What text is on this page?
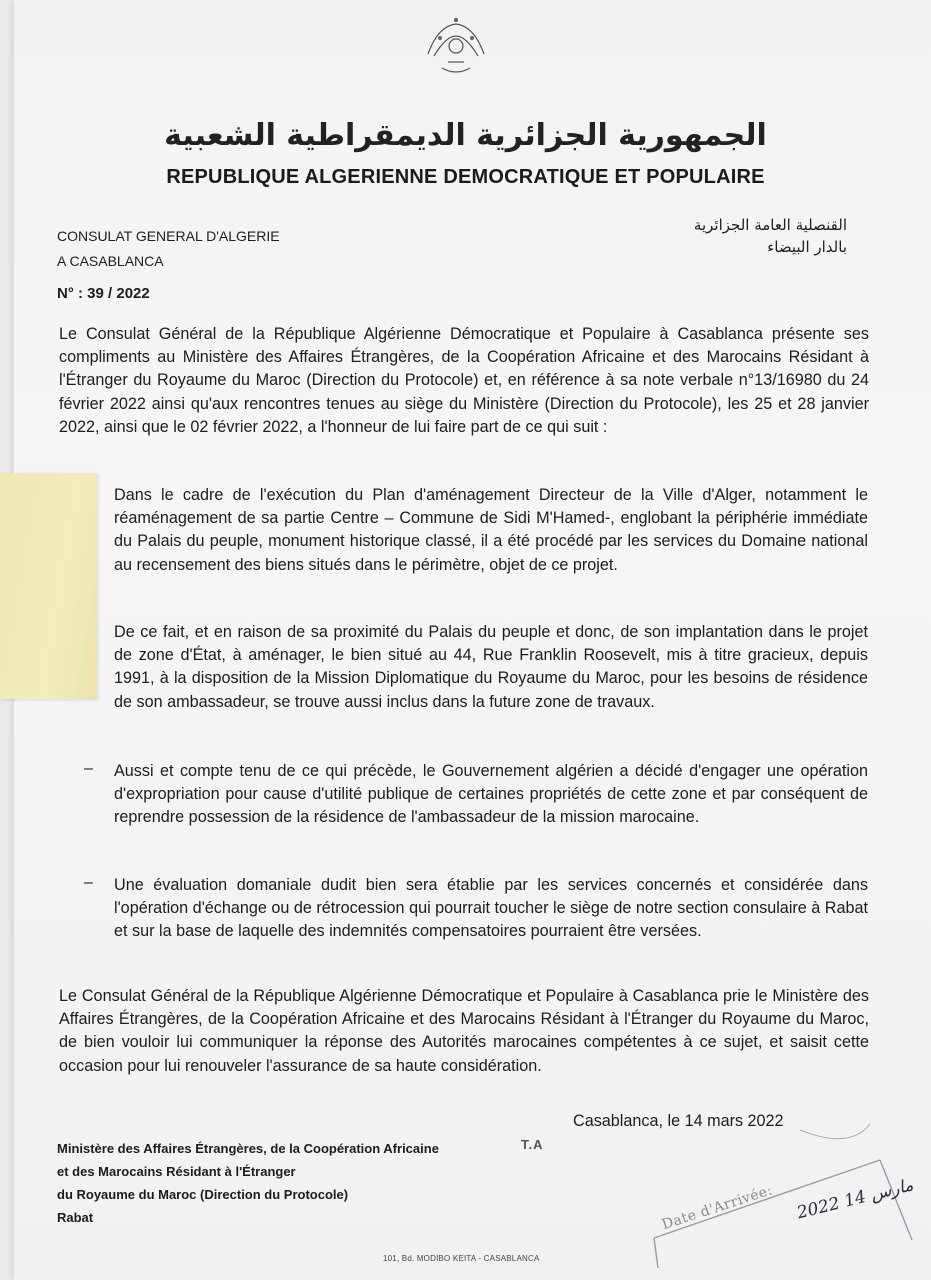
الجمهورية الجزائرية الديمقراطية الشعبية
REPUBLIQUE ALGERIENNE DEMOCRATIQUE ET POPULAIRE
CONSULAT GENERAL D'ALGERIE
A CASABLANCA
القنصلية العامة الجزائرية
بالدار البيضاء
N° : 39 / 2022
Le Consulat Général de la République Algérienne Démocratique et Populaire à Casablanca présente ses compliments au Ministère des Affaires Étrangères, de la Coopération Africaine et des Marocains Résidant à l'Étranger du Royaume du Maroc (Direction du Protocole) et, en référence à sa note verbale n°13/16980 du 24 février 2022 ainsi qu'aux rencontres tenues au siège du Ministère (Direction du Protocole), les 25 et 28 janvier 2022, ainsi que le 02 février 2022, a l'honneur de lui faire part de ce qui suit :
Dans le cadre de l'exécution du Plan d'aménagement Directeur de la Ville d'Alger, notamment le réaménagement de sa partie Centre – Commune de Sidi M'Hamed-, englobant la périphérie immédiate du Palais du peuple, monument historique classé, il a été procédé par les services du Domaine national au recensement des biens situés dans le périmètre, objet de ce projet.
De ce fait, et en raison de sa proximité du Palais du peuple et donc, de son implantation dans le projet de zone d'État, à aménager, le bien situé au 44, Rue Franklin Roosevelt, mis à titre gracieux, depuis 1991, à la disposition de la Mission Diplomatique du Royaume du Maroc, pour les besoins de résidence de son ambassadeur, se trouve aussi inclus dans la future zone de travaux.
– Aussi et compte tenu de ce qui précède, le Gouvernement algérien a décidé d'engager une opération d'expropriation pour cause d'utilité publique de certaines propriétés de cette zone et par conséquent de reprendre possession de la résidence de l'ambassadeur de la mission marocaine.
– Une évaluation domaniale dudit bien sera établie par les services concernés et considérée dans l'opération d'échange ou de rétrocession qui pourrait toucher le siège de notre section consulaire à Rabat et sur la base de laquelle des indemnités compensatoires pourraient être versées.
Le Consulat Général de la République Algérienne Démocratique et Populaire à Casablanca prie le Ministère des Affaires Étrangères, de la Coopération Africaine et des Marocains Résidant à l'Étranger du Royaume du Maroc, de bien vouloir lui communiquer la réponse des Autorités marocaines compétentes à ce sujet, et saisit cette occasion pour lui renouveler l'assurance de sa haute considération.
Casablanca, le 14 mars 2022
Ministère des Affaires Étrangères, de la Coopération Africaine
et des Marocains Résidant à l'Étranger
du Royaume du Maroc (Direction du Protocole)
Rabat
T.A
101, Bd. MODIBO KEITA - CASABLANCA
Date d'Arrivée: 2022 مارس 14
